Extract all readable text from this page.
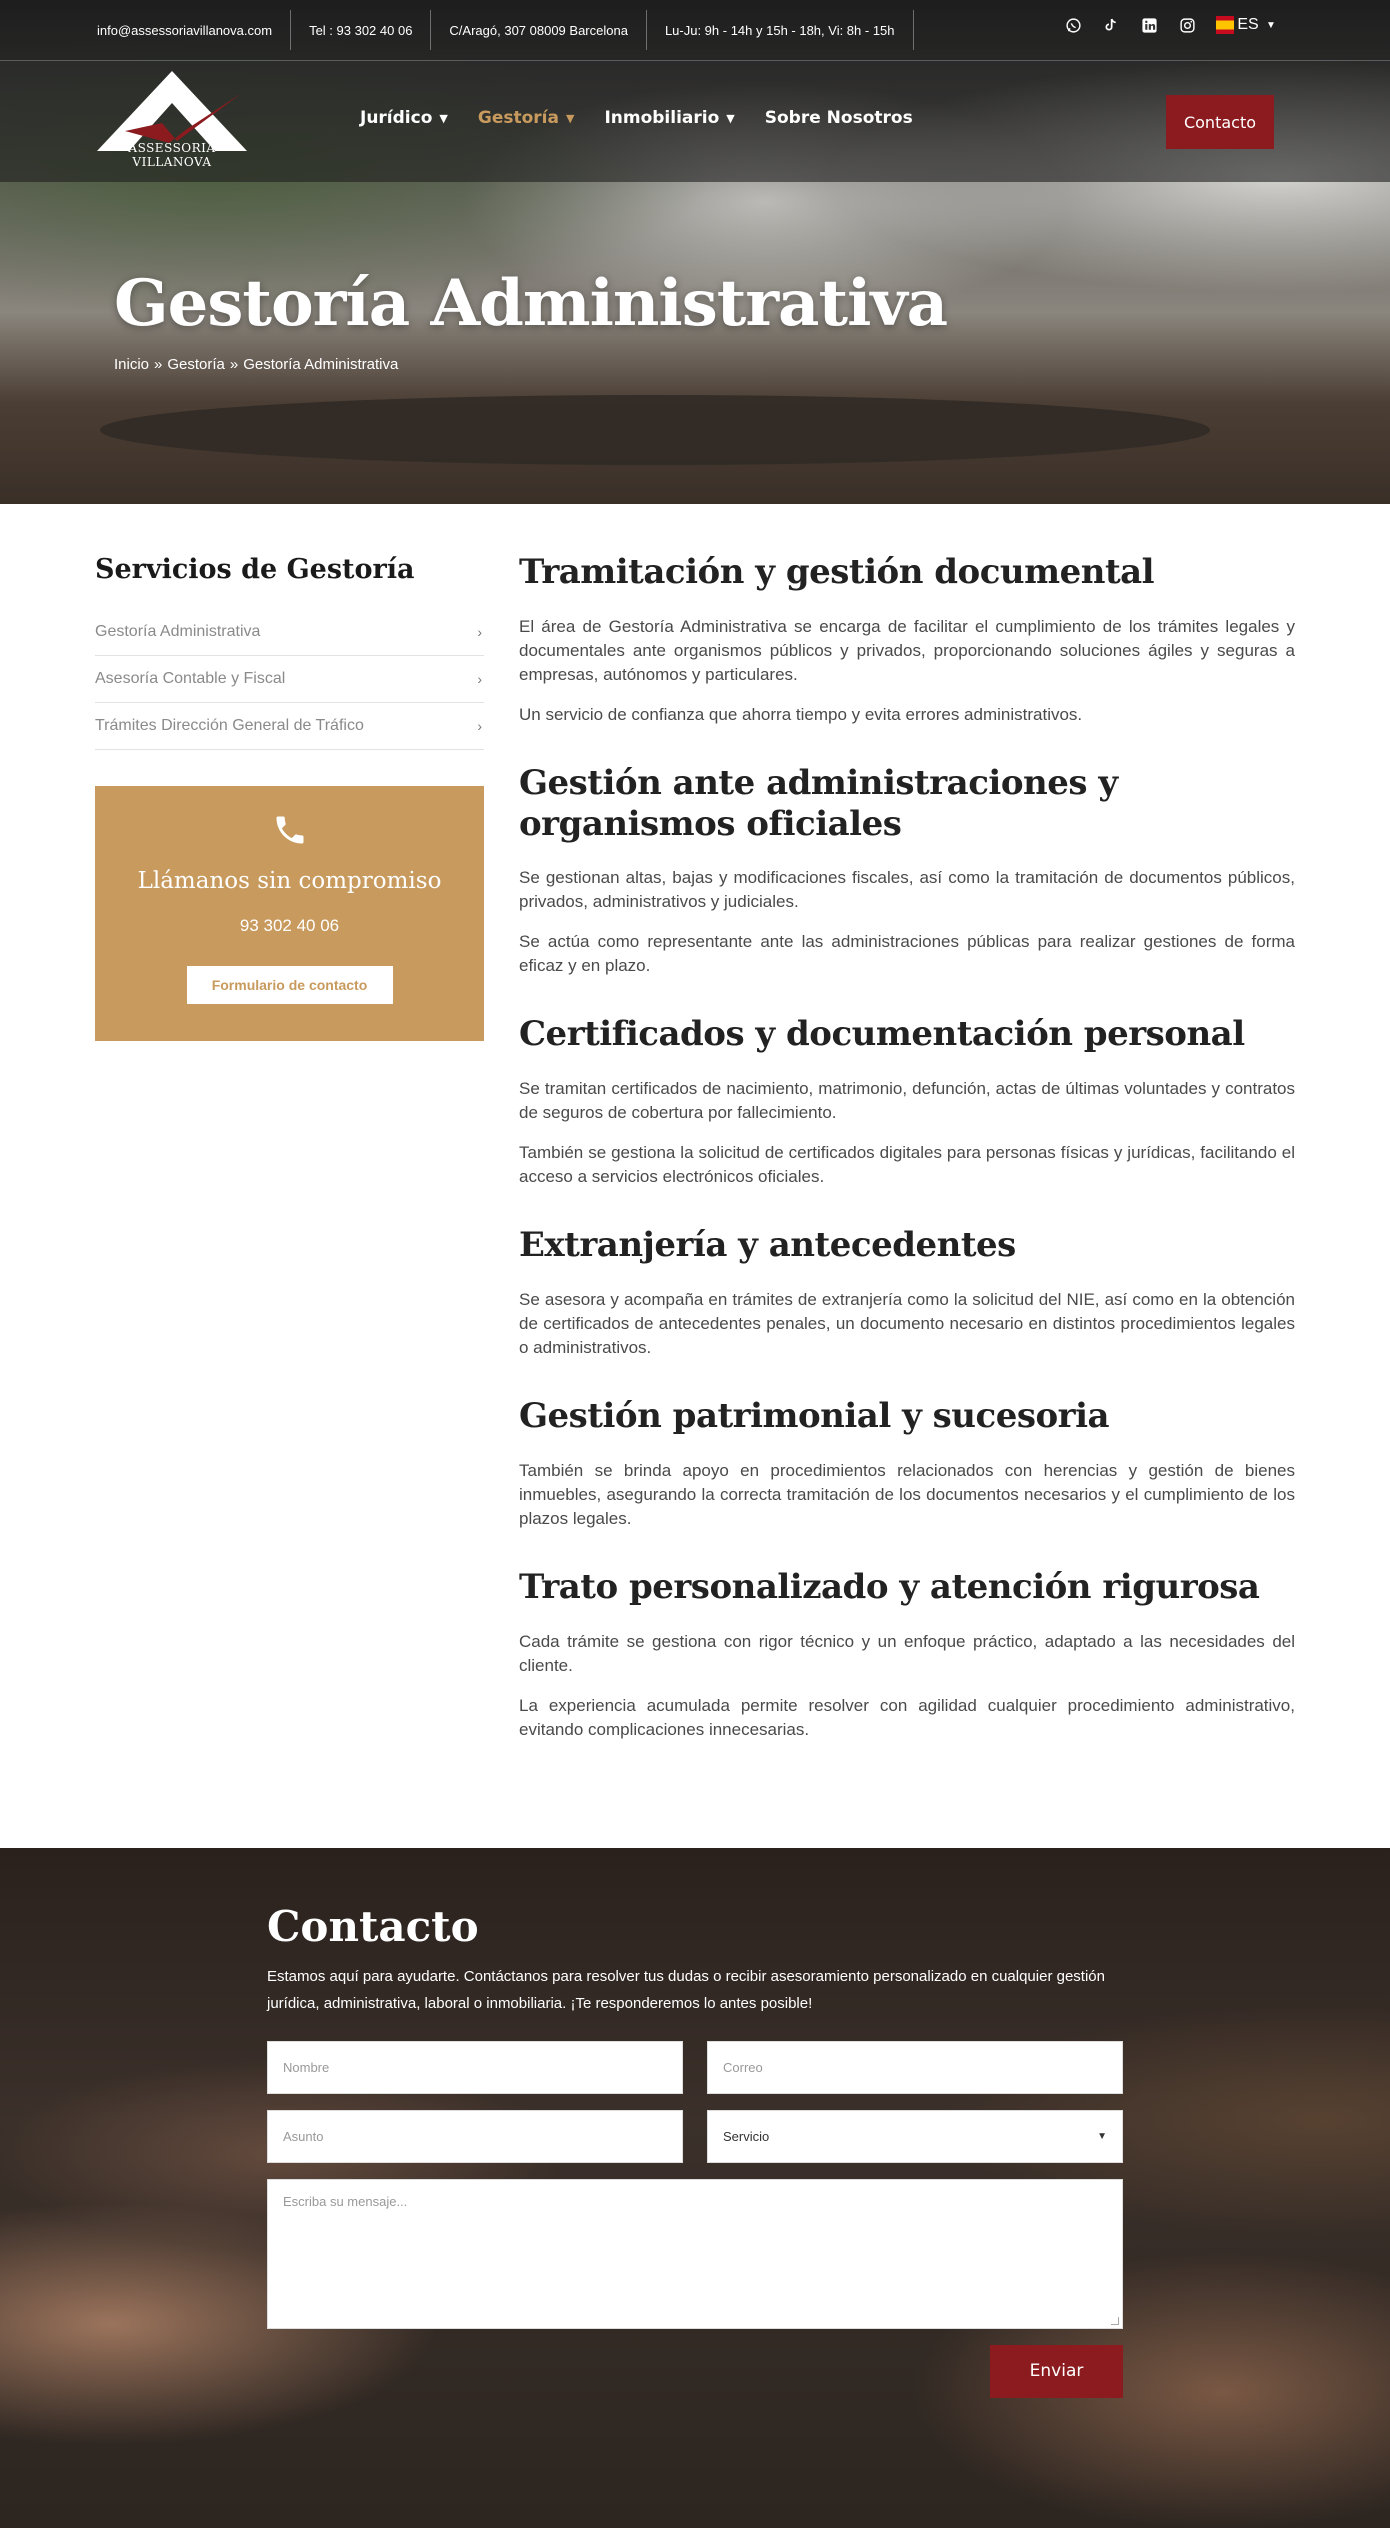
info@assessoriavillanova.com	Tel : 93 302 40 06	C/Aragó, 307 08009 Barcelona	Lu-Ju: 9h - 14h y 15h - 18h, Vi: 8h - 15h	ES ▼
ASSESSORIA VILLANOVA
Jurídico ▼ Gestoría ▼ Inmobiliario ▼ Sobre Nosotros	Contacto
Gestoría Administrativa
Inicio » Gestoría » Gestoría Administrativa
Servicios de Gestoría
Gestoría Administrativa	›
Asesoría Contable y Fiscal	›
Trámites Dirección General de Tráfico	›
Llámanos sin compromiso
93 302 40 06
Formulario de contacto
Tramitación y gestión documental

El área de Gestoría Administrativa se encarga de facilitar el cumplimiento de los trámites legales y documentales ante organismos públicos y privados, proporcionando soluciones ágiles y seguras a empresas, autónomos y particulares.

Un servicio de confianza que ahorra tiempo y evita errores administrativos.

Gestión ante administraciones y organismos oficiales

Se gestionan altas, bajas y modificaciones fiscales, así como la tramitación de documentos públicos, privados, administrativos y judiciales.

Se actúa como representante ante las administraciones públicas para realizar gestiones de forma eficaz y en plazo.

Certificados y documentación personal

Se tramitan certificados de nacimiento, matrimonio, defunción, actas de últimas voluntades y contratos de seguros de cobertura por fallecimiento.

También se gestiona la solicitud de certificados digitales para personas físicas y jurídicas, facilitando el acceso a servicios electrónicos oficiales.

Extranjería y antecedentes

Se asesora y acompaña en trámites de extranjería como la solicitud del NIE, así como en la obtención de certificados de antecedentes penales, un documento necesario en distintos procedimientos legales o administrativos.

Gestión patrimonial y sucesoria

También se brinda apoyo en procedimientos relacionados con herencias y gestión de bienes inmuebles, asegurando la correcta tramitación de los documentos necesarios y el cumplimiento de los plazos legales.

Trato personalizado y atención rigurosa

Cada trámite se gestiona con rigor técnico y un enfoque práctico, adaptado a las necesidades del cliente.

La experiencia acumulada permite resolver con agilidad cualquier procedimiento administrativo, evitando complicaciones innecesarias.

Contacto

Estamos aquí para ayudarte. Contáctanos para resolver tus dudas o recibir asesoramiento personalizado en cualquier gestión jurídica, administrativa, laboral o inmobiliaria. ¡Te responderemos lo antes posible!

Nombre	Correo
Asunto	Servicio	▼
Escriba su mensaje...
Enviar
